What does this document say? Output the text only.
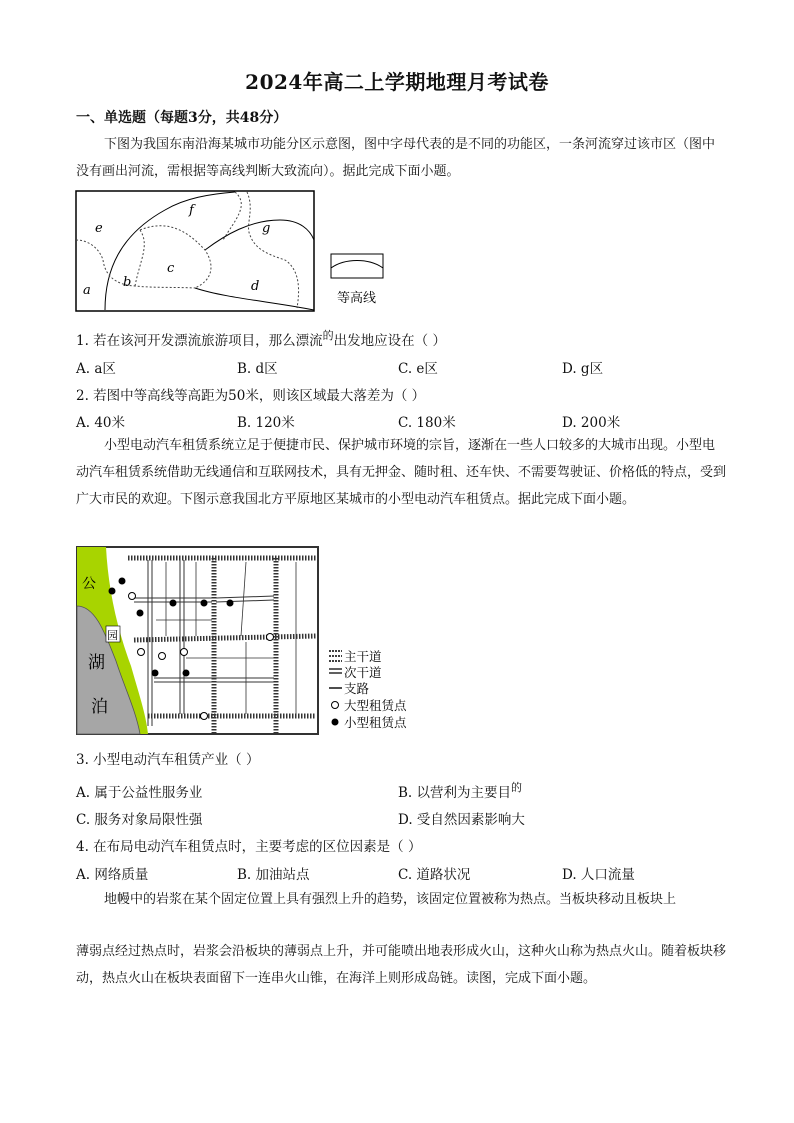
2024年高二上学期地理月考试卷
一、单选题（每题3分，共48分）
下图为我国东南沿海某城市功能分区示意图，图中字母代表的是不同的功能区，一条河流穿过该市区（图中没有画出河流，需根据等高线判断大致流向）。据此完成下面小题。
a
b
c
d
e
f
g
等高线
1. 若在该河开发漂流旅游项目，那么漂流$^的$出发地应设在（ ）
A. a区	B. d区	C. e区	D. g区
2. 若图中等高线等高距为50米，则该区域最大落差为（ ）
A. 40米	B. 120米	C. 180米	D. 200米
小型电动汽车租赁系统立足于便捷市民、保护城市环境的宗旨，逐渐在一些人口较多的大城市出现。小型电动汽车租赁系统借助无线通信和互联网技术，具有无押金、随时租、还车快、不需要驾驶证、价格低的特点，受到广大市民的欢迎。下图示意我国北方平原地区某城市的小型电动汽车租赁点。据此完成下面小题。
公
园
湖
泊
主干道
次干道
支路
大型租赁点
小型租赁点
3. 小型电动汽车租赁产业（ ）
A. 属于公益性服务业	B. 以营利为主要目$^的$
C. 服务对象局限性强	D. 受自然因素影响大
4. 在布局电动汽车租赁点时，主要考虑的区位因素是（ ）
A. 网络质量	B. 加油站点	C. 道路状况	D. 人口流量
地幔中的岩浆在某个固定位置上具有强烈上升的趋势，该固定位置被称为热点。当板块移动且板块上
薄弱点经过热点时，岩浆会沿板块的薄弱点上升，并可能喷出地表形成火山，这种火山称为热点火山。随着板块移动，热点火山在板块表面留下一连串火山锥，在海洋上则形成岛链。读图，完成下面小题。
